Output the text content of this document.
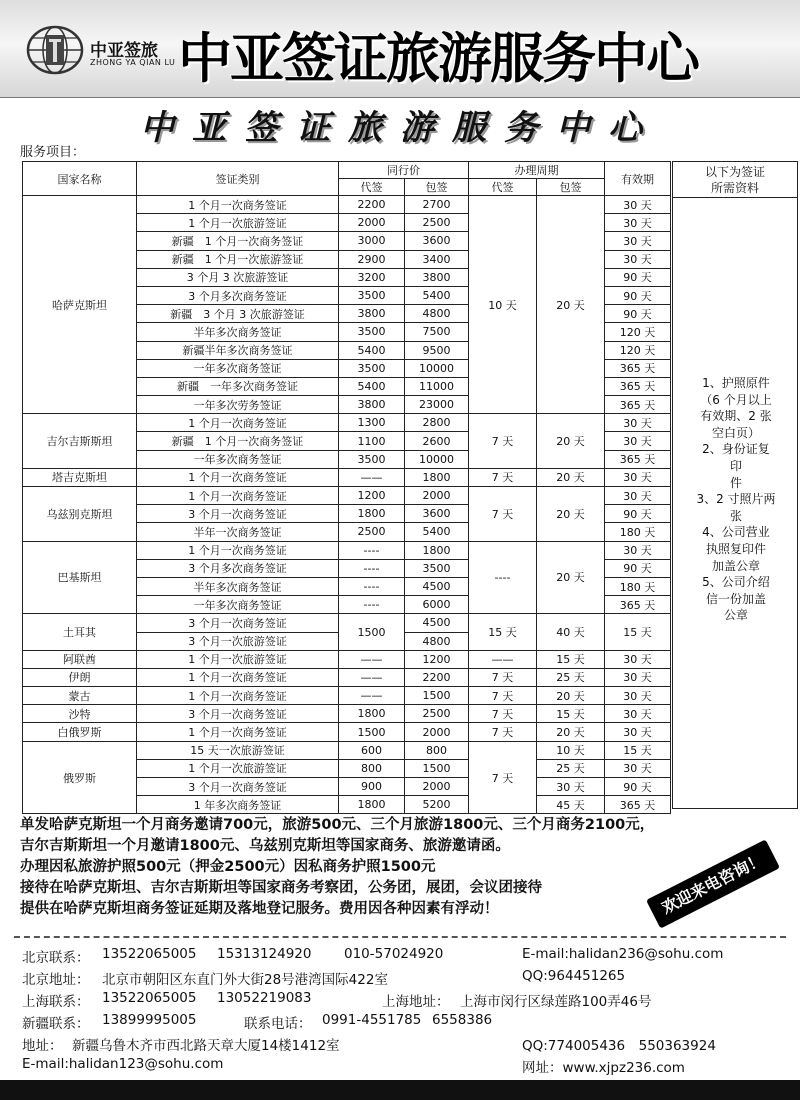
中亚签旅
ZHONG YA QIAN LU 中亚签证旅游服务中心
中亚签证旅游服务中心
服务项目：
国家名称	签证类别	同行价		办理周期		有效期
		代签	包签	代签	包签	
哈萨克斯坦	1 个月一次商务签证	2200	2700	10 天	20 天	30 天
	1 个月一次旅游签证	2000	2500			30 天
	新疆　1 个月一次商务签证	3000	3600			30 天
	新疆　1 个月一次旅游签证	2900	3400			30 天
	3 个月 3 次旅游签证	3200	3800			90 天
	3 个月多次商务签证	3500	5400			90 天
	新疆　3 个月 3 次旅游签证	3800	4800			90 天
	半年多次商务签证	3500	7500			120 天
	新疆半年多次商务签证	5400	9500			120 天
	一年多次商务签证	3500	10000			365 天
	新疆　一年多次商务签证	5400	11000			365 天
	一年多次劳务签证	3800	23000			365 天
吉尔吉斯斯坦	1 个月一次商务签证	1300	2800	7 天	20 天	30 天
	新疆　1 个月一次商务签证	1100	2600			30 天
	一年多次商务签证	3500	10000			365 天
塔吉克斯坦	1 个月一次商务签证	——	1800	7 天	20 天	30 天
乌兹别克斯坦	1 个月一次商务签证	1200	2000	7 天	20 天	30 天
	3 个月一次商务签证	1800	3600			90 天
	半年一次商务签证	2500	5400			180 天
巴基斯坦	1 个月一次商务签证	----	1800	----	20 天	30 天
	3 个月多次商务签证	----	3500			90 天
	半年多次商务签证	----	4500			180 天
	一年多次商务签证	----	6000			365 天
土耳其	3 个月一次商务签证	1500	4500	15 天	40 天	15 天
	3 个月一次旅游签证		4800			
阿联酋	1 个月一次旅游签证	——	1200	——	15 天	30 天
伊朗	1 个月一次商务签证	——	2200	7 天	25 天	30 天
蒙古	1 个月一次商务签证	——	1500	7 天	20 天	30 天
沙特	3 个月一次商务签证	1800	2500	7 天	15 天	30 天
白俄罗斯	1 个月一次商务签证	1500	2000	7 天	20 天	30 天
俄罗斯	15 天一次旅游签证	600	800	7 天	10 天	15 天
	1 个月一次旅游签证	800	1500		25 天	30 天
	3 个月一次商务签证	900	2000		30 天	90 天
	1 年多次商务签证	1800	5200		45 天	365 天
以下为签证
所需资料
1、护照原件
（6 个月以上
有效期、2 张
空白页）
2、身份证复
印
件
3、2 寸照片两
张
4、公司营业
执照复印件
加盖公章
5、公司介绍
信一份加盖
公章
单发哈萨克斯坦一个月商务邀请700元，旅游500元、三个月旅游1800元、三个月商务2100元，
吉尔吉斯斯坦一个月邀请1800元、乌兹别克斯坦等国家商务、旅游邀请函。
办理因私旅游护照500元（押金2500元）因私商务护照1500元
接待在哈萨克斯坦、吉尔吉斯斯坦等国家商务考察团，公务团，展团，会议团接待
提供在哈萨克斯坦商务签证延期及落地登记服务。费用因各种因素有浮动！	欢迎来电咨询！
北京联系： 13522065005 15313124920 010-57024920	E-mail:halidan236@sohu.com
北京地址： 北京市朝阳区东直门外大街28号港湾国际422室	QQ:964451265
上海联系： 13522065005 13052219083	上海地址： 上海市闵行区绿莲路100弄46号
新疆联系： 13899995005	联系电话： 0991-4551785 6558386
地址： 新疆乌鲁木齐市西北路天章大厦14楼1412室	QQ:774005436　550363924
E-mail:halidan123@sohu.com	网址：www.xjpz236.com
